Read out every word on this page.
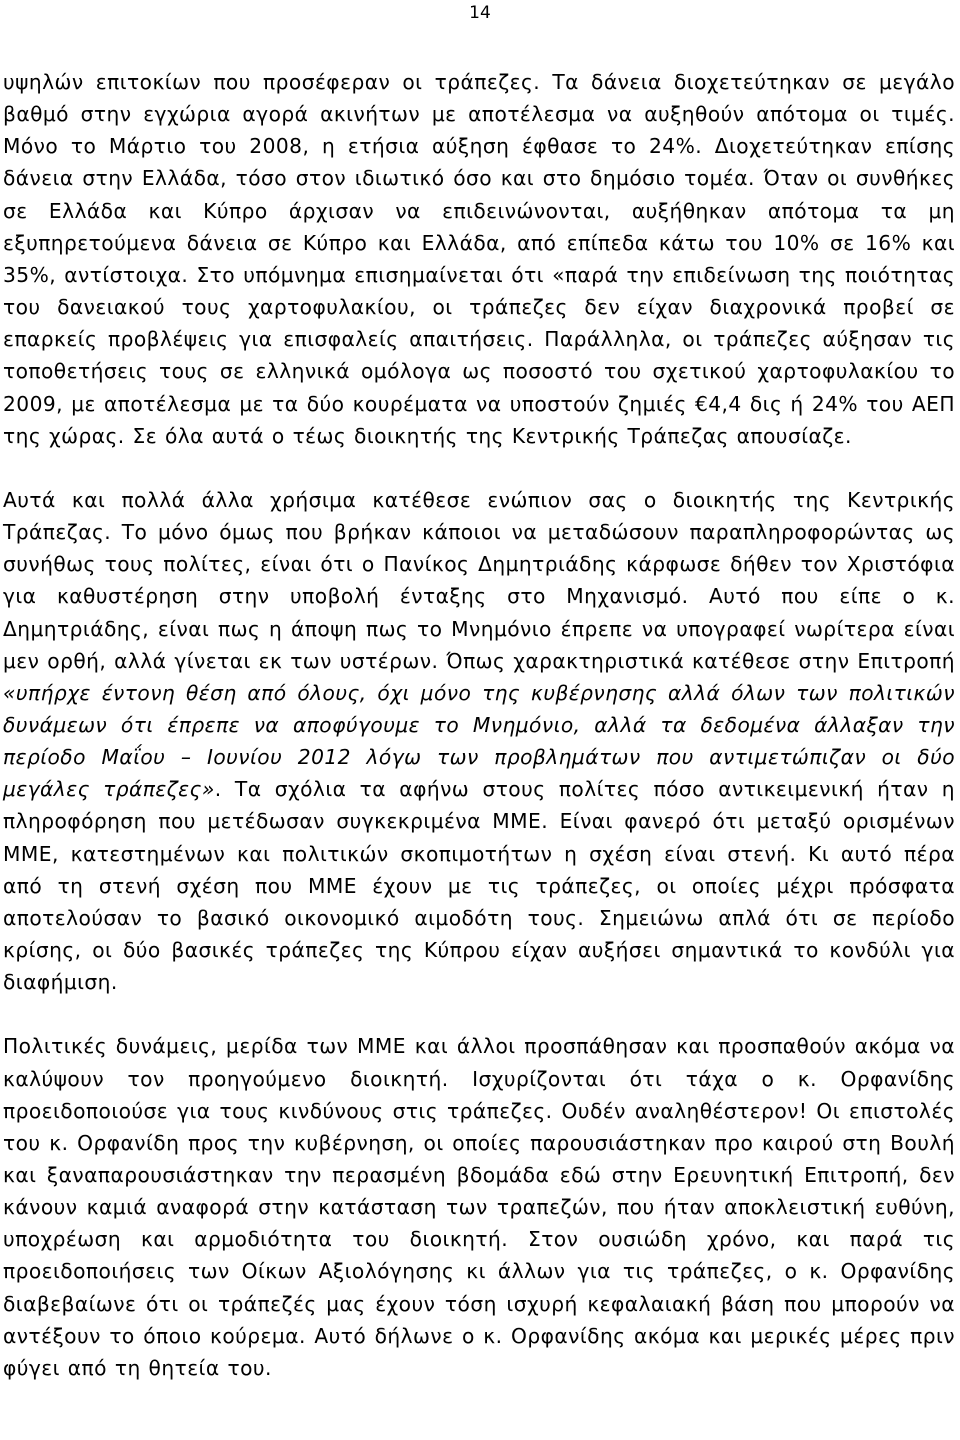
14

υψηλών επιτοκίων που προσέφεραν οι τράπεζες. Τα δάνεια διοχετεύτηκαν σε μεγάλο βαθμό στην εγχώρια αγορά ακινήτων με αποτέλεσμα να αυξηθούν απότομα οι τιμές. Μόνο το Μάρτιο του 2008, η ετήσια αύξηση έφθασε το 24%. Διοχετεύτηκαν επίσης δάνεια στην Ελλάδα, τόσο στον ιδιωτικό όσο και στο δημόσιο τομέα. Όταν οι συνθήκες σε Ελλάδα και Κύπρο άρχισαν να επιδεινώνονται, αυξήθηκαν απότομα τα μη εξυπηρετούμενα δάνεια σε Κύπρο και Ελλάδα, από επίπεδα κάτω του 10% σε 16% και 35%, αντίστοιχα. Στο υπόμνημα επισημαίνεται ότι «παρά την επιδείνωση της ποιότητας του δανειακού τους χαρτοφυλακίου, οι τράπεζες δεν είχαν διαχρονικά προβεί σε επαρκείς προβλέψεις για επισφαλείς απαιτήσεις. Παράλληλα, οι τράπεζες αύξησαν τις τοποθετήσεις τους σε ελληνικά ομόλογα ως ποσοστό του σχετικού χαρτοφυλακίου το 2009, με αποτέλεσμα με τα δύο κουρέματα να υποστούν ζημιές €4,4 δις ή 24% του ΑΕΠ της χώρας. Σε όλα αυτά ο τέως διοικητής της Κεντρικής Τράπεζας απουσίαζε.

Αυτά και πολλά άλλα χρήσιμα κατέθεσε ενώπιον σας ο διοικητής της Κεντρικής Τράπεζας. Το μόνο όμως που βρήκαν κάποιοι να μεταδώσουν παραπληροφορώντας ως συνήθως τους πολίτες, είναι ότι ο Πανίκος Δημητριάδης κάρφωσε δήθεν τον Χριστόφια για καθυστέρηση στην υποβολή ένταξης στο Μηχανισμό. Αυτό που είπε ο κ. Δημητριάδης, είναι πως η άποψη πως το Μνημόνιο έπρεπε να υπογραφεί νωρίτερα είναι μεν ορθή, αλλά γίνεται εκ των υστέρων. Όπως χαρακτηριστικά κατέθεσε στην Επιτροπή «υπήρχε έντονη θέση από όλους, όχι μόνο της κυβέρνησης αλλά όλων των πολιτικών δυνάμεων ότι έπρεπε να αποφύγουμε το Μνημόνιο, αλλά τα δεδομένα άλλαξαν την περίοδο Μαΐου – Ιουνίου 2012 λόγω των προβλημάτων που αντιμετώπιζαν οι δύο μεγάλες τράπεζες». Τα σχόλια τα αφήνω στους πολίτες πόσο αντικειμενική ήταν η πληροφόρηση που μετέδωσαν συγκεκριμένα ΜΜΕ. Είναι φανερό ότι μεταξύ ορισμένων ΜΜΕ, κατεστημένων και πολιτικών σκοπιμοτήτων η σχέση είναι στενή. Κι αυτό πέρα από τη στενή σχέση που ΜΜΕ έχουν με τις τράπεζες, οι οποίες μέχρι πρόσφατα αποτελούσαν το βασικό οικονομικό αιμοδότη τους. Σημειώνω απλά ότι σε περίοδο κρίσης, οι δύο βασικές τράπεζες της Κύπρου είχαν αυξήσει σημαντικά το κονδύλι για διαφήμιση.

Πολιτικές δυνάμεις, μερίδα των ΜΜΕ και άλλοι προσπάθησαν και προσπαθούν ακόμα να καλύψουν τον προηγούμενο διοικητή. Ισχυρίζονται ότι τάχα ο κ. Ορφανίδης προειδοποιούσε για τους κινδύνους στις τράπεζες. Ουδέν αναληθέστερον! Οι επιστολές του κ. Ορφανίδη προς την κυβέρνηση, οι οποίες παρουσιάστηκαν προ καιρού στη Βουλή και ξαναπαρουσιάστηκαν την περασμένη βδομάδα εδώ στην Ερευνητική Επιτροπή, δεν κάνουν καμιά αναφορά στην κατάσταση των τραπεζών, που ήταν αποκλειστική ευθύνη, υποχρέωση και αρμοδιότητα του διοικητή. Στον ουσιώδη χρόνο, και παρά τις προειδοποιήσεις των Οίκων Αξιολόγησης κι άλλων για τις τράπεζες, ο κ. Ορφανίδης διαβεβαίωνε ότι οι τράπεζές μας έχουν τόση ισχυρή κεφαλαιακή βάση που μπορούν να αντέξουν το όποιο κούρεμα. Αυτό δήλωνε ο κ. Ορφανίδης ακόμα και μερικές μέρες πριν φύγει από τη θητεία του.
